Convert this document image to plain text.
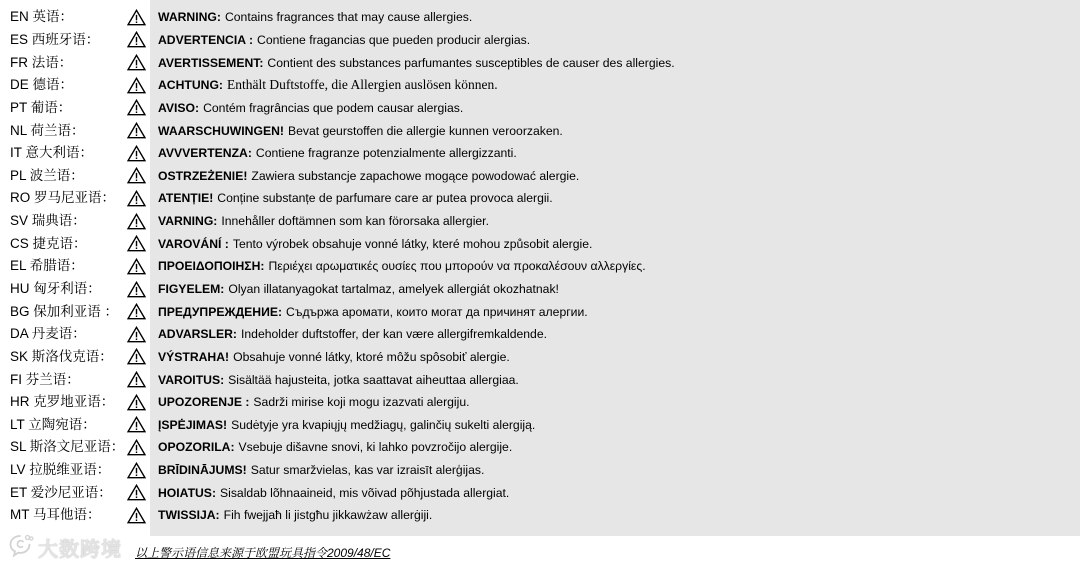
EN 英语：	WARNING: Contains fragrances that may cause allergies.
ES 西班牙语：	ADVERTENCIA : Contiene fragancias que pueden producir alergias.
FR 法语：	AVERTISSEMENT: Contient des substances parfumantes susceptibles de causer des allergies.
DE 德语：	ACHTUNG: Enthält Duftstoffe, die Allergien auslösen können.
PT 葡语：	AVISO: Contém fragrâncias que podem causar alergias.
NL 荷兰语：	WAARSCHUWINGEN! Bevat geurstoffen die allergie kunnen veroorzaken.
IT 意大利语：	AVVVERTENZA: Contiene fragranze potenzialmente allergizzanti.
PL 波兰语：	OSTRZEŻENIE! Zawiera substancje zapachowe mogące powodować alergie.
RO 罗马尼亚语：	ATENȚIE! Conține substanțe de parfumare care ar putea provoca alergii.
SV 瑞典语：	VARNING: Innehåller doftämnen som kan förorsaka allergier.
CS 捷克语：	VAROVÁNÍ : Tento výrobek obsahuje vonné látky, které mohou způsobit alergie.
EL 希腊语：	ΠΡΟΕΙΔΟΠΟΙΗΣΗ: Περιέχει αρωματικές ουσίες που μπορούν να προκαλέσουν αλλεργίες.
HU 匈牙利语：	FIGYELEM: Olyan illatanyagokat tartalmaz, amelyek allergiát okozhatnak!
BG 保加利亚语 ：	ПРЕДУПРЕЖДЕНИЕ: Съдържа аромати, които могат да причинят алергии.
DA 丹麦语：	ADVARSLER: Indeholder duftstoffer, der kan være allergifremkaldende.
SK 斯洛伐克语：	VÝSTRAHA! Obsahuje vonné látky, ktoré môžu spôsobiť alergie.
FI 芬兰语：	VAROITUS: Sisältää hajusteita, jotka saattavat aiheuttaa allergiaa.
HR 克罗地亚语：	UPOZORENJE : Sadrži mirise koji mogu izazvati alergiju.
LT 立陶宛语：	ĮSPĖJIMAS! Sudėtyje yra kvapiųjų medžiagų, galinčių sukelti alergiją.
SL 斯洛文尼亚语：	OPOZORILA: Vsebuje dišavne snovi, ki lahko povzročijo alergije.
LV 拉脱维亚语：	BRĪDINĀJUMS! Satur smaržvielas, kas var izraisīt alerģijas.
ET 爱沙尼亚语：	HOIATUS: Sisaldab lõhnaaineid, mis võivad põhjustada allergiat.
MT 马耳他语：	TWISSIJA: Fih fwejjaħ li jistgħu jikkawżaw allerġiji.
大数跨境 以上警示语信息来源于欧盟玩具指令2009/48/EC
